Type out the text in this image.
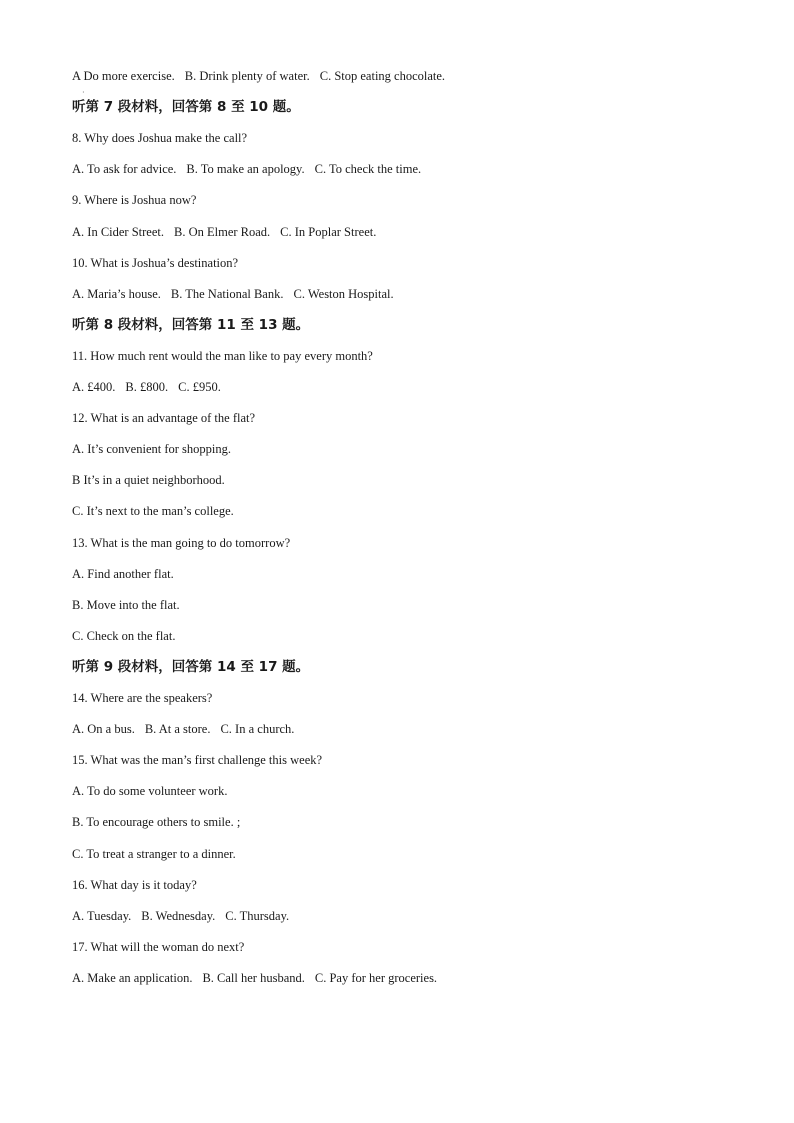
·
A Do more exercise. B. Drink plenty of water. C. Stop eating chocolate.
听第 7 段材料，回答第 8 至 10 题。
8. Why does Joshua make the call?
A. To ask for advice. B. To make an apology. C. To check the time.
9. Where is Joshua now?
A. In Cider Street. B. On Elmer Road. C. In Poplar Street.
10. What is Joshua’s destination?
A. Maria’s house. B. The National Bank. C. Weston Hospital.
听第 8 段材料，回答第 11 至 13 题。
11. How much rent would the man like to pay every month?
A. £400. B. £800. C. £950.
12. What is an advantage of the flat?
A. It’s convenient for shopping.
B It’s in a quiet neighborhood.
C. It’s next to the man’s college.
13. What is the man going to do tomorrow?
A. Find another flat.
B. Move into the flat.
C. Check on the flat.
听第 9 段材料，回答第 14 至 17 题。
14. Where are the speakers?
A. On a bus. B. At a store. C. In a church.
15. What was the man’s first challenge this week?
A. To do some volunteer work.
B. To encourage others to smile. ;
C. To treat a stranger to a dinner.
16. What day is it today?
A. Tuesday. B. Wednesday. C. Thursday.
17. What will the woman do next?
A. Make an application. B. Call her husband. C. Pay for her groceries.
